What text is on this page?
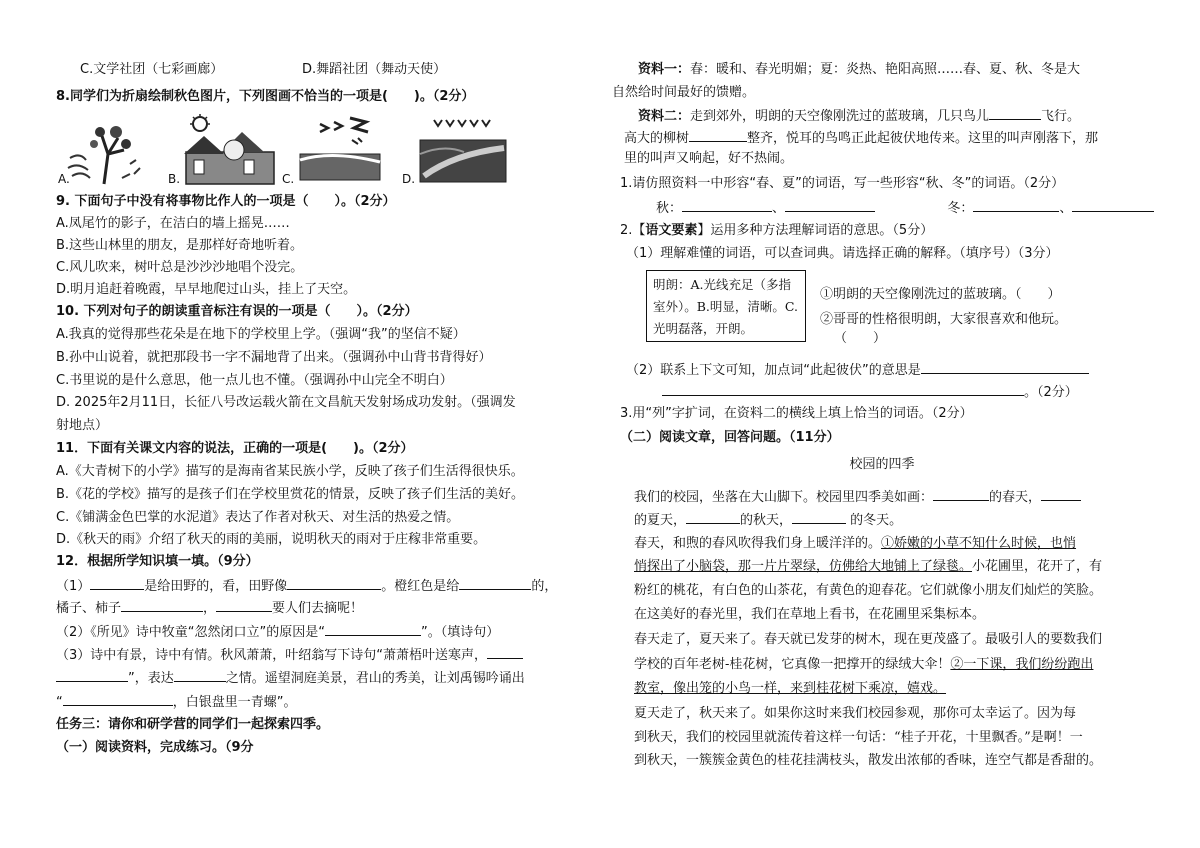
C.文学社团（七彩画廊）	D.舞蹈社团（舞动天使）
8.同学们为折扇绘制秋色图片，下列图画不恰当的一项是(　　)。（2分）
A.	B.	C.	D.
9. 下面句子中没有将事物比作人的一项是（　　）。（2分）
A.凤尾竹的影子，在洁白的墙上摇晃……
B.这些山林里的朋友，是那样好奇地听着。
C.风儿吹来，树叶总是沙沙沙地唱个没完。
D.明月追赶着晚霞，早早地爬过山头，挂上了天空。
10. 下列对句子的朗读重音标注有误的一项是（　　）。（2分）
A.我真的觉得那些花朵是在地下的学校里上学。（强调“我”的坚信不疑）
B.孙中山说着，就把那段书一字不漏地背了出来。（强调孙中山背书背得好）
C.书里说的是什么意思，他一点儿也不懂。（强调孙中山完全不明白）
D. 2025年2月11日，长征八号改运载火箭在文昌航天发射场成功发射。（强调发
射地点）
11．下面有关课文内容的说法，正确的一项是(　　)。（2分）
A.《大青树下的小学》描写的是海南省某民族小学，反映了孩子们生活得很快乐。
B.《花的学校》描写的是孩子们在学校里赏花的情景，反映了孩子们生活的美好。
C.《铺满金色巴掌的水泥道》表达了作者对秋天、对生活的热爱之情。
D.《秋天的雨》介绍了秋天的雨的美丽，说明秋天的雨对于庄稼非常重要。
12．根据所学知识填一填。（9分）
（1）	是给田野的，看，田野像	。橙红色是给	的，
橘子、柿子	，	要人们去摘呢！
（2）《所见》诗中牧童“忽然闭口立”的原因是“	”。（填诗句）
（3）诗中有景，诗中有情。秋风萧萧，叶绍翁写下诗句“萧萧梧叶送寒声，
”，表达	之情。遥望洞庭美景，君山的秀美，让刘禹锡吟诵出
“	，白银盘里一青螺”。
任务三：请你和研学营的同学们一起探索四季。
（一）阅读资料，完成练习。（9分
资料一：春：暖和、春光明媚；夏：炎热、艳阳高照……春、夏、秋、冬是大
自然给时间最好的馈赠。
资料二：走到郊外，明朗的天空像刚洗过的蓝玻璃，几只鸟儿	飞行。
高大的柳树	整齐，悦耳的鸟鸣正此起彼伏地传来。这里的叫声刚落下，那
里的叫声又响起，好不热闹。
1.请仿照资料一中形容“春、夏”的词语，写一些形容“秋、冬”的词语。（2分）
秋：	、	冬：	、
2.【语文要素】运用多种方法理解词语的意思。（5分）
（1）理解难懂的词语，可以查词典。请选择正确的解释。（填序号）（3分）
明朗：A.光线充足（多指室外）。B.明显，清晰。C.光明磊落，开朗。
①明朗的天空像刚洗过的蓝玻璃。（　　）
②哥哥的性格很明朗，大家很喜欢和他玩。
（　　）
（2）联系上下文可知，加点词“此起彼伏”的意思是
。（2分）
3.用“列”字扩词，在资料二的横线上填上恰当的词语。（2分）
（二）阅读文章，回答问题。（11分）
校园的四季
我们的校园，坐落在大山脚下。校园里四季美如画：	的春天，
的夏天，	的秋天，	的冬天。
春天，和煦的春风吹得我们身上暖洋洋的。①娇嫩的小草不知什么时候，也悄
悄探出了小脑袋，那一片片翠绿，仿佛给大地铺上了绿毯。小花圃里，花开了，有
粉红的桃花，有白色的山茶花，有黄色的迎春花。它们就像小朋友们灿烂的笑脸。
在这美好的春光里，我们在草地上看书，在花圃里采集标本。
春天走了，夏天来了。春天就已发芽的树木，现在更茂盛了。最吸引人的要数我们
学校的百年老树-桂花树，它真像一把撑开的绿绒大伞！②一下课，我们纷纷跑出
教室，像出笼的小鸟一样，来到桂花树下乘凉，嬉戏。
夏天走了，秋天来了。如果你这时来我们校园参观，那你可太幸运了。因为每
到秋天，我们的校园里就流传着这样一句话：“桂子开花，十里飘香。”是啊！一
到秋天，一簇簇金黄色的桂花挂满枝头，散发出浓郁的香味，连空气都是香甜的。
